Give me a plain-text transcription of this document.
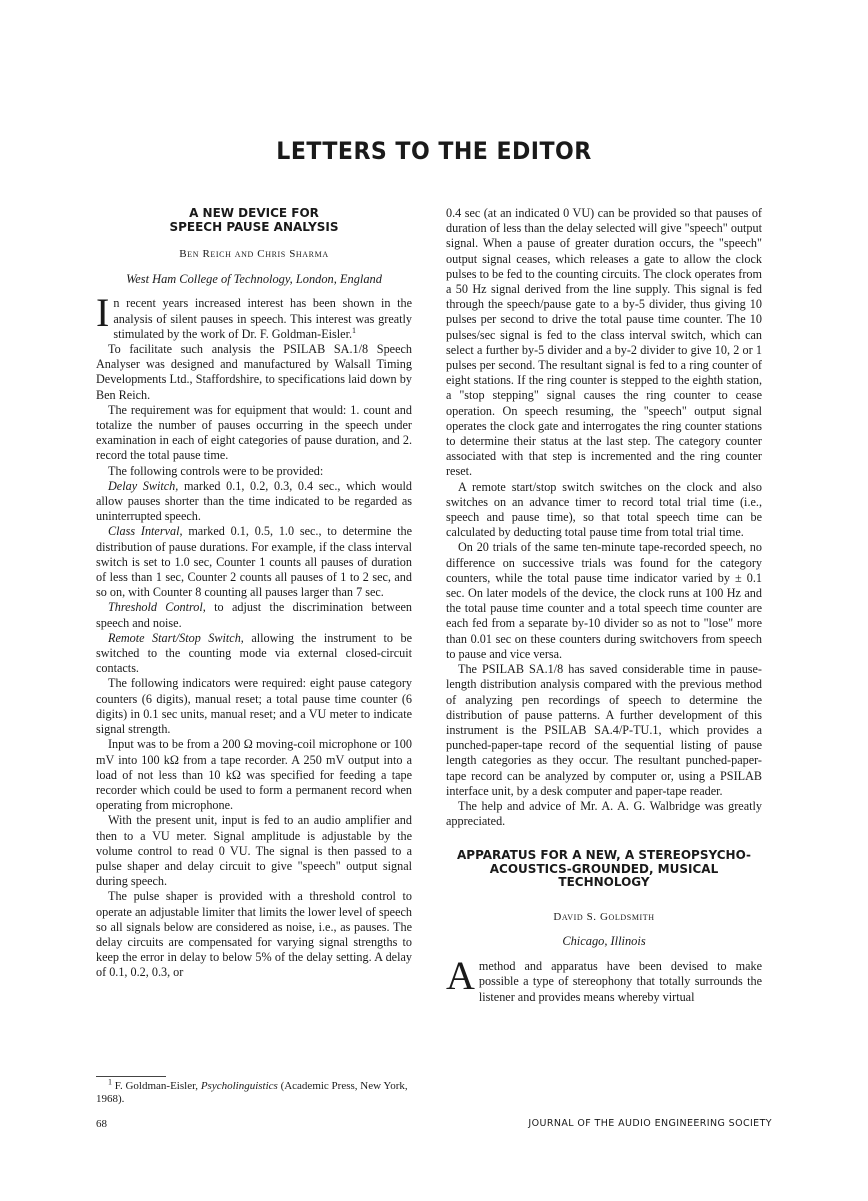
LETTERS TO THE EDITOR
A NEW DEVICE FOR
SPEECH PAUSE ANALYSIS
Ben Reich and Chris Sharma
West Ham College of Technology, London, England

In recent years increased interest has been shown in the analysis of silent pauses in speech. This interest was greatly stimulated by the work of Dr. F. Goldman-Eisler.$^1$

To facilitate such analysis the PSILAB SA.1/8 Speech Analyser was designed and manufactured by Walsall Timing Developments Ltd., Staffordshire, to specifications laid down by Ben Reich.

The requirement was for equipment that would: 1. count and totalize the number of pauses occurring in the speech under examination in each of eight categories of pause duration, and 2. record the total pause time.

The following controls were to be provided:

Delay Switch, marked 0.1, 0.2, 0.3, 0.4 sec., which would allow pauses shorter than the time indicated to be regarded as uninterrupted speech.

Class Interval, marked 0.1, 0.5, 1.0 sec., to determine the distribution of pause durations. For example, if the class interval switch is set to 1.0 sec, Counter 1 counts all pauses of duration of less than 1 sec, Counter 2 counts all pauses of 1 to 2 sec, and so on, with Counter 8 counting all pauses larger than 7 sec.

Threshold Control, to adjust the discrimination between speech and noise.

Remote Start/Stop Switch, allowing the instrument to be switched to the counting mode via external closed-circuit contacts.

The following indicators were required: eight pause category counters (6 digits), manual reset; a total pause time counter (6 digits) in 0.1 sec units, manual reset; and a VU meter to indicate signal strength.

Input was to be from a 200 Ω moving-coil microphone or 100 mV into 100 kΩ from a tape recorder. A 250 mV output into a load of not less than 10 kΩ was specified for feeding a tape recorder which could be used to form a permanent record when operating from microphone.

With the present unit, input is fed to an audio amplifier and then to a VU meter. Signal amplitude is adjustable by the volume control to read 0 VU. The signal is then passed to a pulse shaper and delay circuit to give "speech" output signal during speech.

The pulse shaper is provided with a threshold control to operate an adjustable limiter that limits the lower level of speech so all signals below are considered as noise, i.e., as pauses. The delay circuits are compensated for varying signal strengths to keep the error in delay to below 5% of the delay setting. A delay of 0.1, 0.2, 0.3, or

$^1$ F. Goldman-Eisler, Psycholinguistics (Academic Press, New York, 1968).

0.4 sec (at an indicated 0 VU) can be provided so that pauses of duration of less than the delay selected will give "speech" output signal. When a pause of greater duration occurs, the "speech" output signal ceases, which releases a gate to allow the clock pulses to be fed to the counting circuits. The clock operates from a 50 Hz signal derived from the line supply. This signal is fed through the speech/pause gate to a by-5 divider, thus giving 10 pulses per second to drive the total pause time counter. The 10 pulses/sec signal is fed to the class interval switch, which can select a further by-5 divider and a by-2 divider to give 10, 2 or 1 pulses per second. The resultant signal is fed to a ring counter of eight stations. If the ring counter is stepped to the eighth station, a "stop stepping" signal causes the ring counter to cease operation. On speech resuming, the "speech" output signal operates the clock gate and interrogates the ring counter stations to determine their status at the last step. The category counter associated with that step is incremented and the ring counter reset.

A remote start/stop switch switches on the clock and also switches on an advance timer to record total trial time (i.e., speech and pause time), so that total speech time can be calculated by deducting total pause time from total trial time.

On 20 trials of the same ten-minute tape-recorded speech, no difference on successive trials was found for the category counters, while the total pause time indicator varied by ± 0.1 sec. On later models of the device, the clock runs at 100 Hz and the total pause time counter and a total speech time counter are each fed from a separate by-10 divider so as not to "lose" more than 0.01 sec on these counters during switchovers from speech to pause and vice versa.

The PSILAB SA.1/8 has saved considerable time in pause-length distribution analysis compared with the previous method of analyzing pen recordings of speech to determine the distribution of pause patterns. A further development of this instrument is the PSILAB SA.4/P-TU.1, which provides a punched-paper-tape record of the sequential listing of pause length categories as they occur. The resultant punched-paper-tape record can be analyzed by computer or, using a PSILAB interface unit, by a desk computer and paper-tape reader.

The help and advice of Mr. A. A. G. Walbridge was greatly appreciated.

APPARATUS FOR A NEW, A STEREOPSYCHO-
ACOUSTICS-GROUNDED, MUSICAL
TECHNOLOGY
David S. Goldsmith
Chicago, Illinois

Amethod and apparatus have been devised to make possible a type of stereophony that totally surrounds the listener and provides means whereby virtual

68	JOURNAL OF THE AUDIO ENGINEERING SOCIETY
